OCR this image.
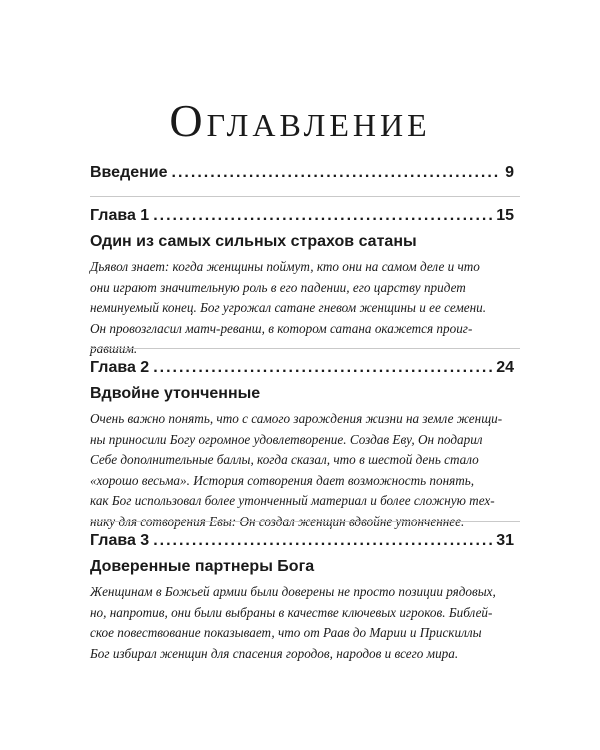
Оглавление
Введение .....	9
Глава 1 .....	15
Один из самых сильных страхов сатаны
Дьявол знает: когда женщины поймут, кто они на самом деле и что
они играют значительную роль в его падении, его царству придет
неминуемый конец. Бог угрожал сатане гневом женщины и ее семени.
Он провозгласил матч-реванш, в котором сатана окажется проиг-
равшим.
Глава 2 .....	24
Вдвойне утонченные
Очень важно понять, что с самого зарождения жизни на земле женщи-
ны приносили Богу огромное удовлетворение. Создав Еву, Он подарил
Себе дополнительные баллы, когда сказал, что в шестой день стало
«хорошо весьма». История сотворения дает возможность понять,
как Бог использовал более утонченный материал и более сложную тех-
нику для сотворения Евы: Он создал женщин вдвойне утонченнее.
Глава 3 .....	31
Доверенные партнеры Бога
Женщинам в Божьей армии были доверены не просто позиции рядовых,
но, напротив, они были выбраны в качестве ключевых игроков. Библей-
ское повествование показывает, что от Раав до Марии и Прискиллы
Бог избирал женщин для спасения городов, народов и всего мира.
